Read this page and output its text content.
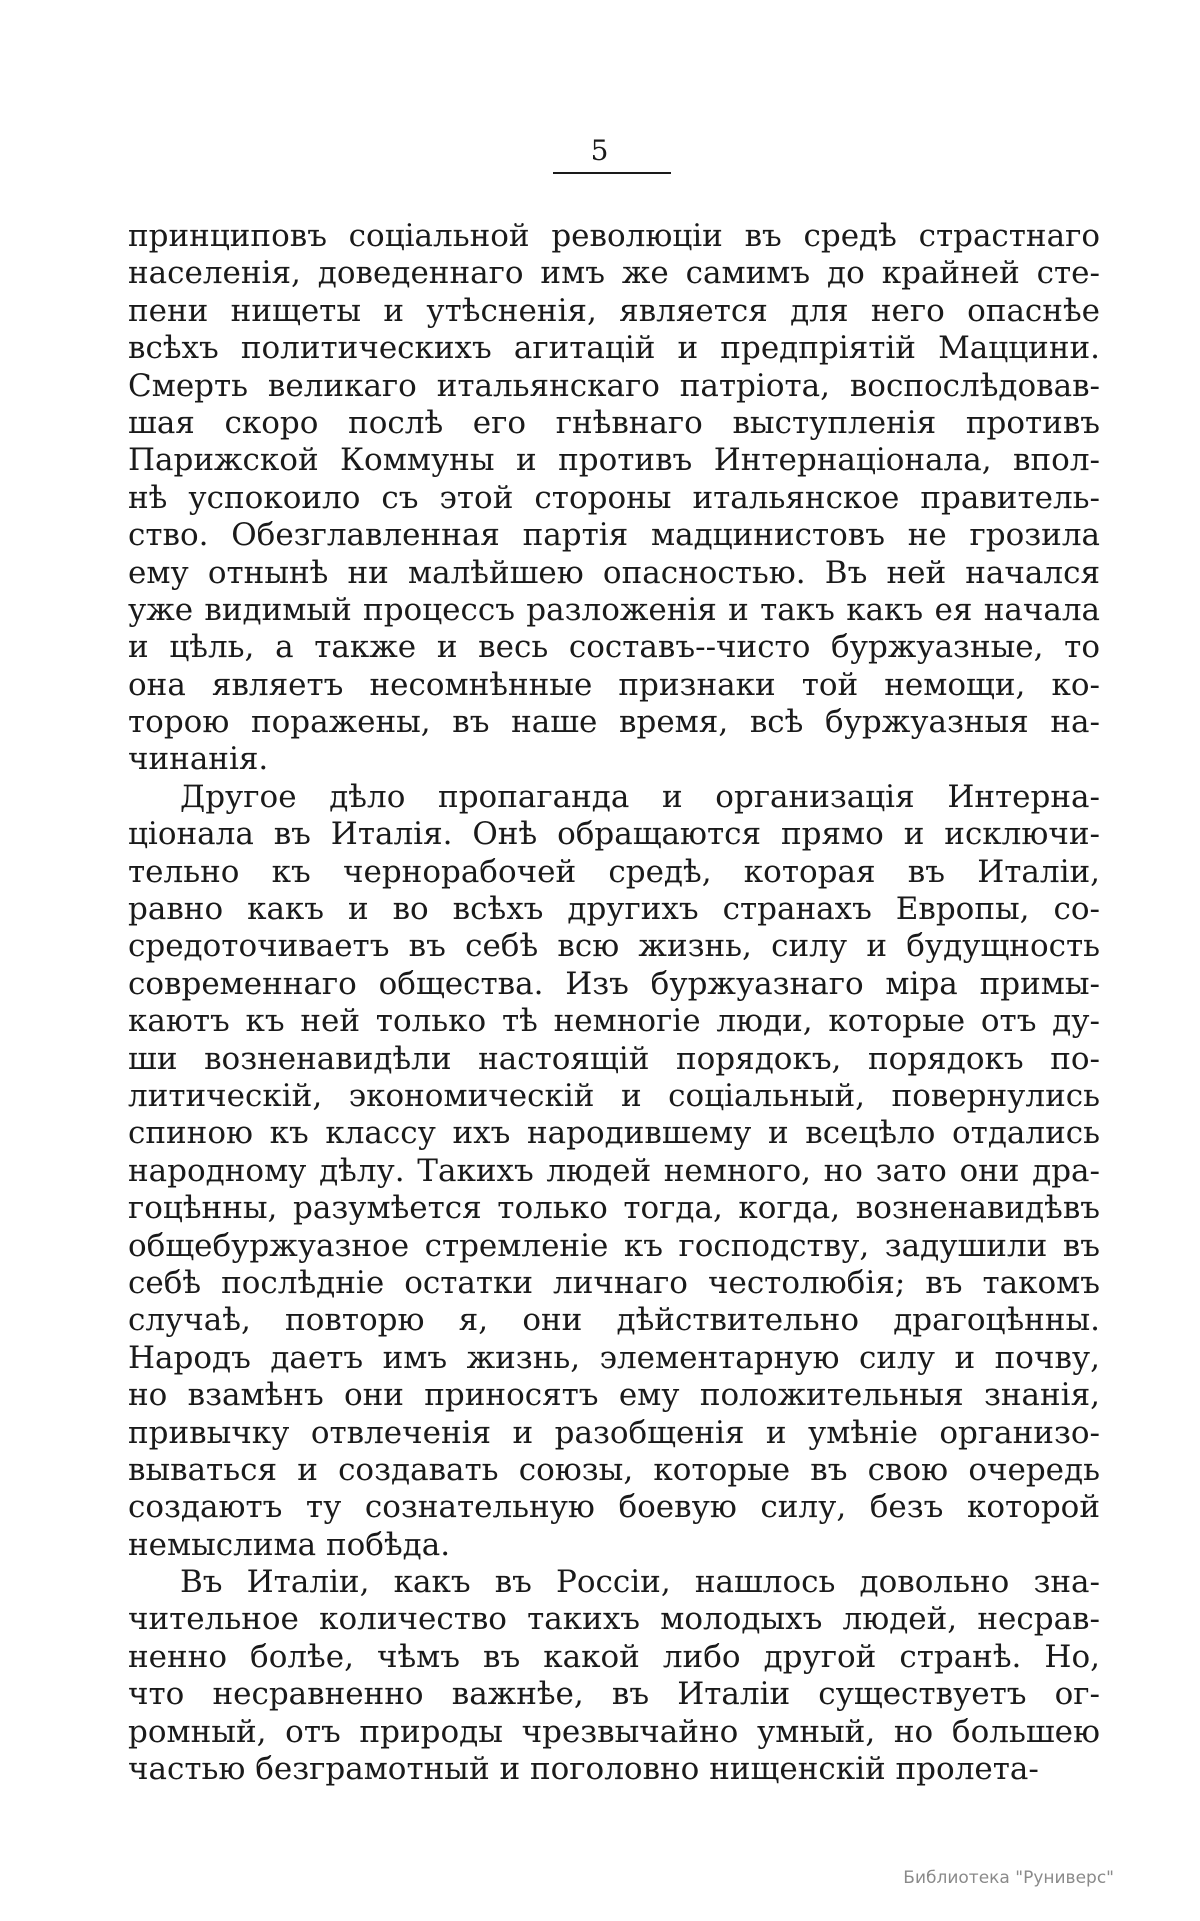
5
принциповъ соціальной революціи въ средѣ страстнаго
населенія, доведеннаго имъ же самимъ до крайней сте-
пени нищеты и утѣсненія, является для него опаснѣе
всѣхъ политическихъ агитацій и предпріятій Маццини.
Смерть великаго итальянскаго патріота, воспослѣдовав-
шая скоро послѣ его гнѣвнаго выступленія противъ
Парижской Коммуны и противъ Интернаціонала, впол-
нѣ успокоило съ этой стороны итальянское правитель-
ство. Обезглавленная партія мадцинистовъ не грозила
ему отнынѣ ни малѣйшею опасностью. Въ ней начался
уже видимый процессъ разложенія и такъ какъ ея начала
и цѣль, а также и весь составъ--чисто буржуазные, то
она являетъ несомнѣнные признаки той немощи, ко-
торою поражены, въ наше время, всѣ буржуазныя на-
чинанія.
Другое дѣло пропаганда и организація Интерна-
ціонала въ Италія. Онѣ обращаются прямо и исключи-
тельно къ чернорабочей средѣ, которая въ Италіи,
равно какъ и во всѣхъ другихъ странахъ Европы, со-
средоточиваетъ въ себѣ всю жизнь, силу и будущность
современнаго общества. Изъ буржуазнаго міра примы-
каютъ къ ней только тѣ немногіе люди, которые отъ ду-
ши возненавидѣли настоящій порядокъ, порядокъ по-
литическій, экономическій и соціальный, повернулись
спиною къ классу ихъ народившему и всецѣло отдались
народному дѣлу. Такихъ людей немного, но зато они дра-
гоцѣнны, разумѣется только тогда, когда, возненавидѣвъ
общебуржуазное стремленіе къ господству, задушили въ
себѣ послѣдніе остатки личнаго честолюбія; въ такомъ
случаѣ, повторю я, они дѣйствительно драгоцѣнны.
Народъ даетъ имъ жизнь, элементарную силу и почву,
но взамѣнъ они приносятъ ему положительныя знанія,
привычку отвлеченія и разобщенія и умѣніе организо-
вываться и создавать союзы, которые въ свою очередь
создаютъ ту сознательную боевую силу, безъ которой
немыслима побѣда.
Въ Италіи, какъ въ Россіи, нашлось довольно зна-
чительное количество такихъ молодыхъ людей, несрав-
ненно болѣе, чѣмъ въ какой либо другой странѣ. Но,
что несравненно важнѣе, въ Италіи существуетъ ог-
ромный, отъ природы чрезвычайно умный, но большею
частью безграмотный и поголовно нищенскій пролета-
Библиотека "Руниверс"
